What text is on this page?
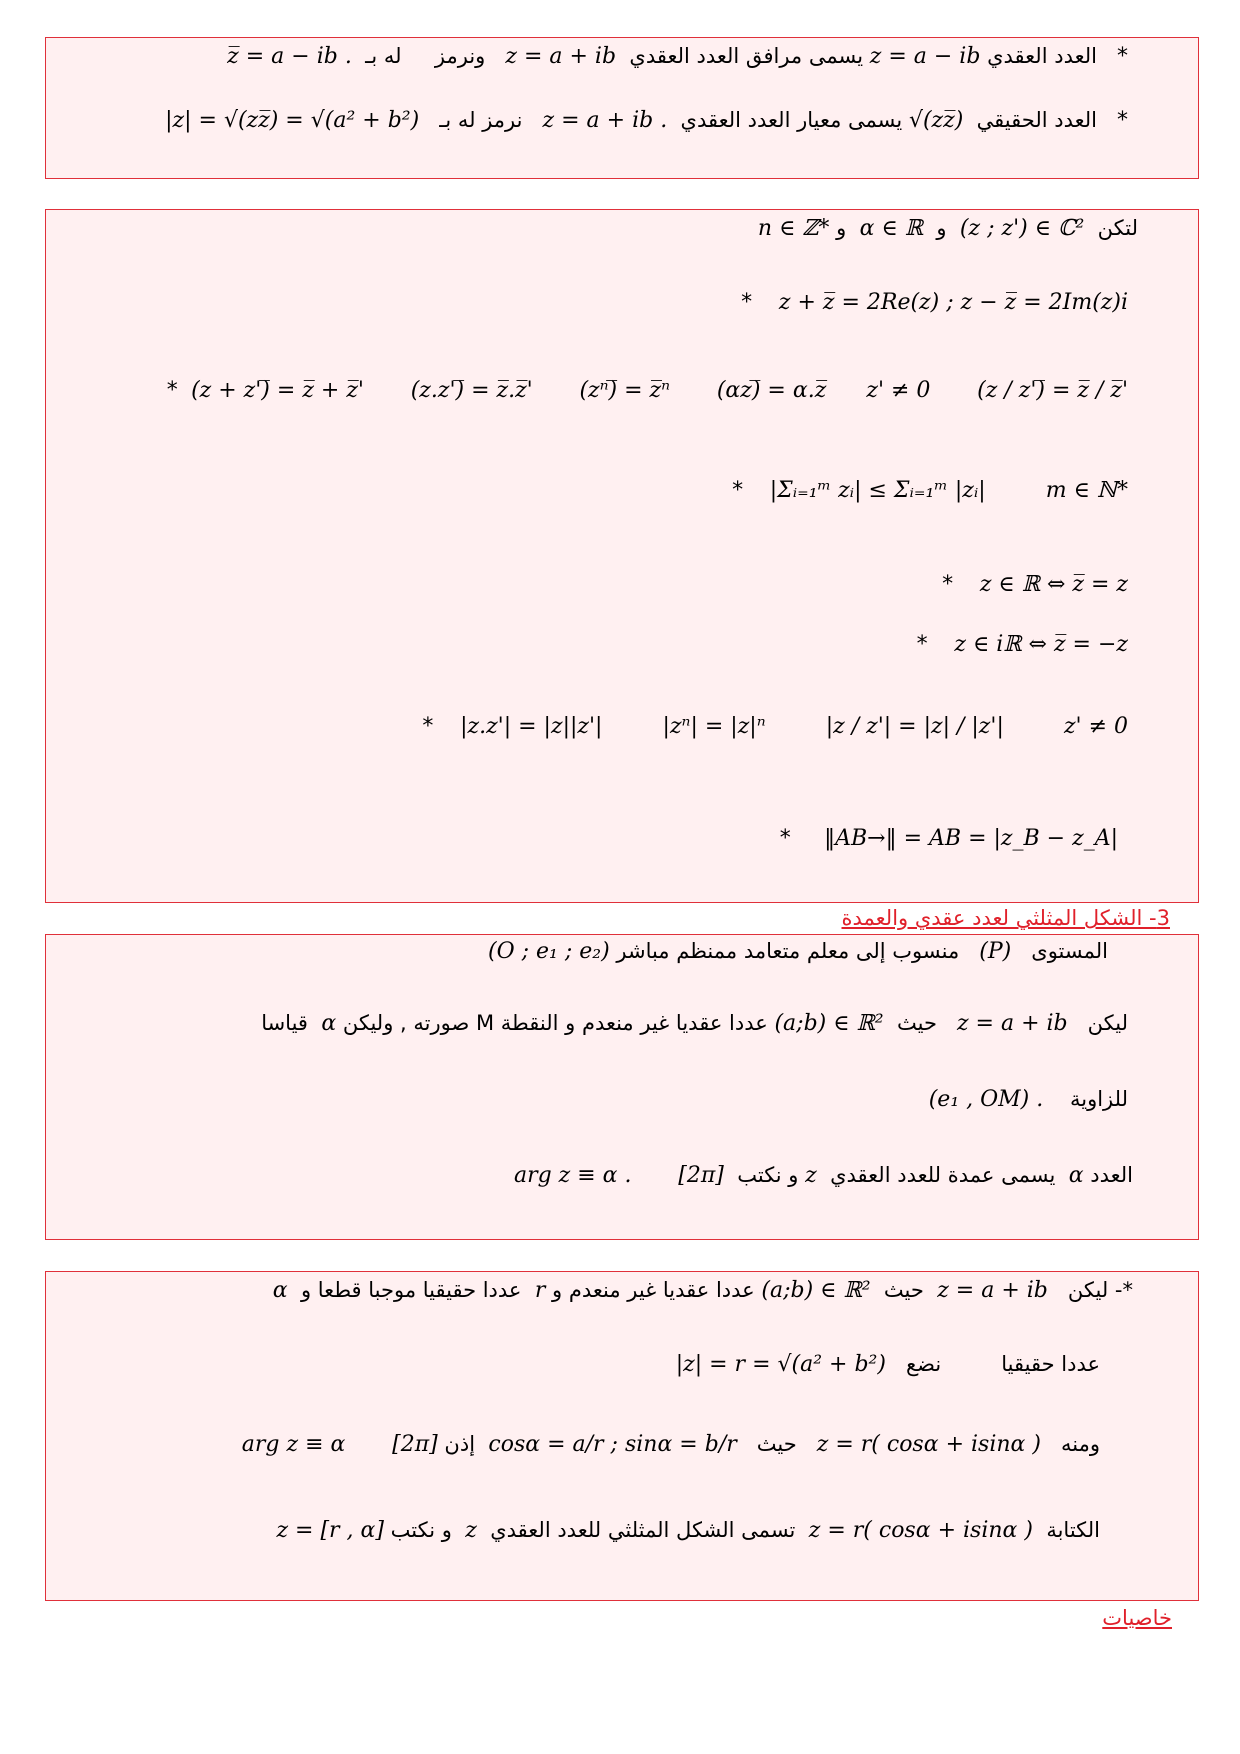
*   العدد العقدي z = a − ib يسمى مرافق العدد العقدي  z = a + ib   ونرمز     له بـ  z̅ = a − ib .
*   العدد الحقيقي  √(zz̅) يسمى معيار العدد العقدي  z = a + ib .   نرمز له بـ   |z| = √(zz̅) = √(a² + b²)
لتكن  (z ; z') ∈ ℂ²  و  α ∈ ℝ  و n ∈ ℤ*
* z + z̅ = 2Re(z) ; z − z̅ = 2Im(z)i
* (z + z')̅ = z̅ + z̅' (z.z')̅ = z̅.z̅' (zⁿ)̅ = z̅ⁿ (αz)̅ = α.z̅ z' ≠ 0 (z / z')̅ = z̅ / z̅'
* |Σᵢ₌₁ᵐ zᵢ| ≤ Σᵢ₌₁ᵐ |zᵢ|	m ∈ ℕ*
* z ∈ ℝ ⇔ z̅ = z
* z ∈ iℝ ⇔ z̅ = −z
* |z.z'| = |z||z'|	|zⁿ| = |z|ⁿ	|z / z'| = |z| / |z'|	z' ≠ 0
* ‖AB→‖ = AB = |z_B − z_A|
3- الشكل المثلثي لعدد عقدي والعمدة
المستوى   (P)   منسوب إلى معلم متعامد ممنظم مباشر (O ; e₁ ; e₂)
ليكن   z = a + ib   حيث  (a;b) ∈ ℝ² عددا عقديا غير منعدم و النقطة M صورته , وليكن α  قياسا
للزاوية    (e₁ , OM) .
العدد α  يسمى عمدة للعدد العقدي  z و نكتب  [2π]       arg z ≡ α .
*- ليكن   z = a + ib  حيث  (a;b) ∈ ℝ² عددا عقديا غير منعدم و r  عددا حقيقيا موجبا قطعا و  α
عددا حقيقيا         نضع   |z| = r = √(a² + b²)
ومنه   z = r( cosα + isinα )   حيث   cosα = a/r ; sinα = b/r  إذن [2π]       arg z ≡ α
الكتابة  z = r( cosα + isinα )  تسمى الشكل المثلثي للعدد العقدي  z  و نكتب z = [r , α]
خاصيات
